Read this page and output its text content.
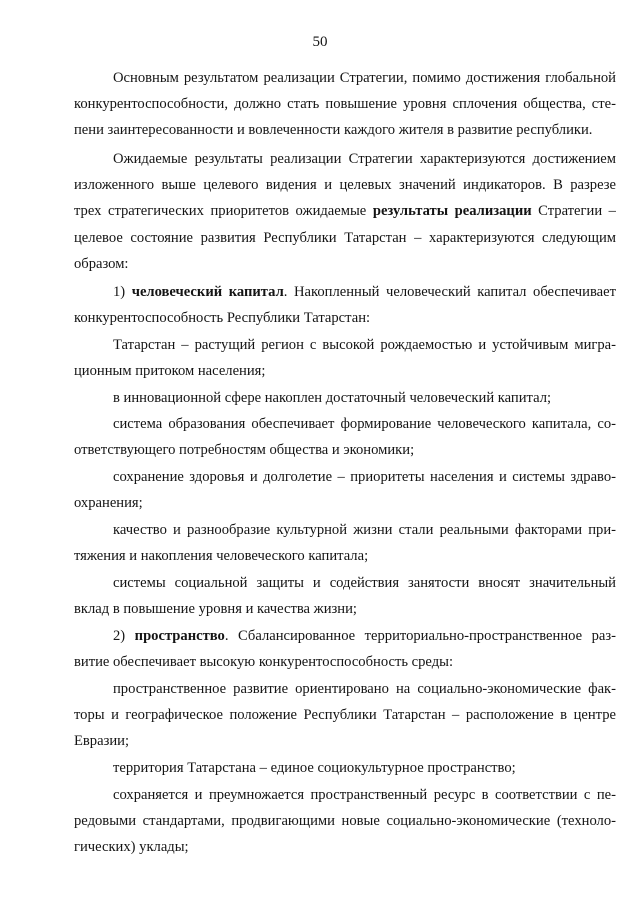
50
Основным результатом реализации Стратегии, помимо достижения глобальной
конкурентоспособности, должно стать повышение уровня сплочения общества, сте-
пени заинтересованности и вовлеченности каждого жителя в развитие республики.
Ожидаемые результаты реализации Стратегии характеризуются достижением
изложенного выше целевого видения и целевых значений индикаторов. В разрезе
трех стратегических приоритетов ожидаемые результаты реализации Стратегии –
целевое состояние развития Республики Татарстан – характеризуются следующим
образом:
1) человеческий капитал. Накопленный человеческий капитал обеспечивает
конкурентоспособность Республики Татарстан:
Татарстан – растущий регион с высокой рождаемостью и устойчивым мигра-
ционным притоком населения;
в инновационной сфере накоплен достаточный человеческий капитал;
система образования обеспечивает формирование человеческого капитала, со-
ответствующего потребностям общества и экономики;
сохранение здоровья и долголетие – приоритеты населения и системы здраво-
охранения;
качество и разнообразие культурной жизни стали реальными факторами при-
тяжения и накопления человеческого капитала;
системы социальной защиты и содействия занятости вносят значительный
вклад в повышение уровня и качества жизни;
2) пространство. Сбалансированное территориально-пространственное раз-
витие обеспечивает высокую конкурентоспособность среды:
пространственное развитие ориентировано на социально-экономические фак-
торы и географическое положение Республики Татарстан – расположение в центре
Евразии;
территория Татарстана – единое социокультурное пространство;
сохраняется и преумножается пространственный ресурс в соответствии с пе-
редовыми стандартами, продвигающими новые социально-экономические (техноло-
гических) уклады;
